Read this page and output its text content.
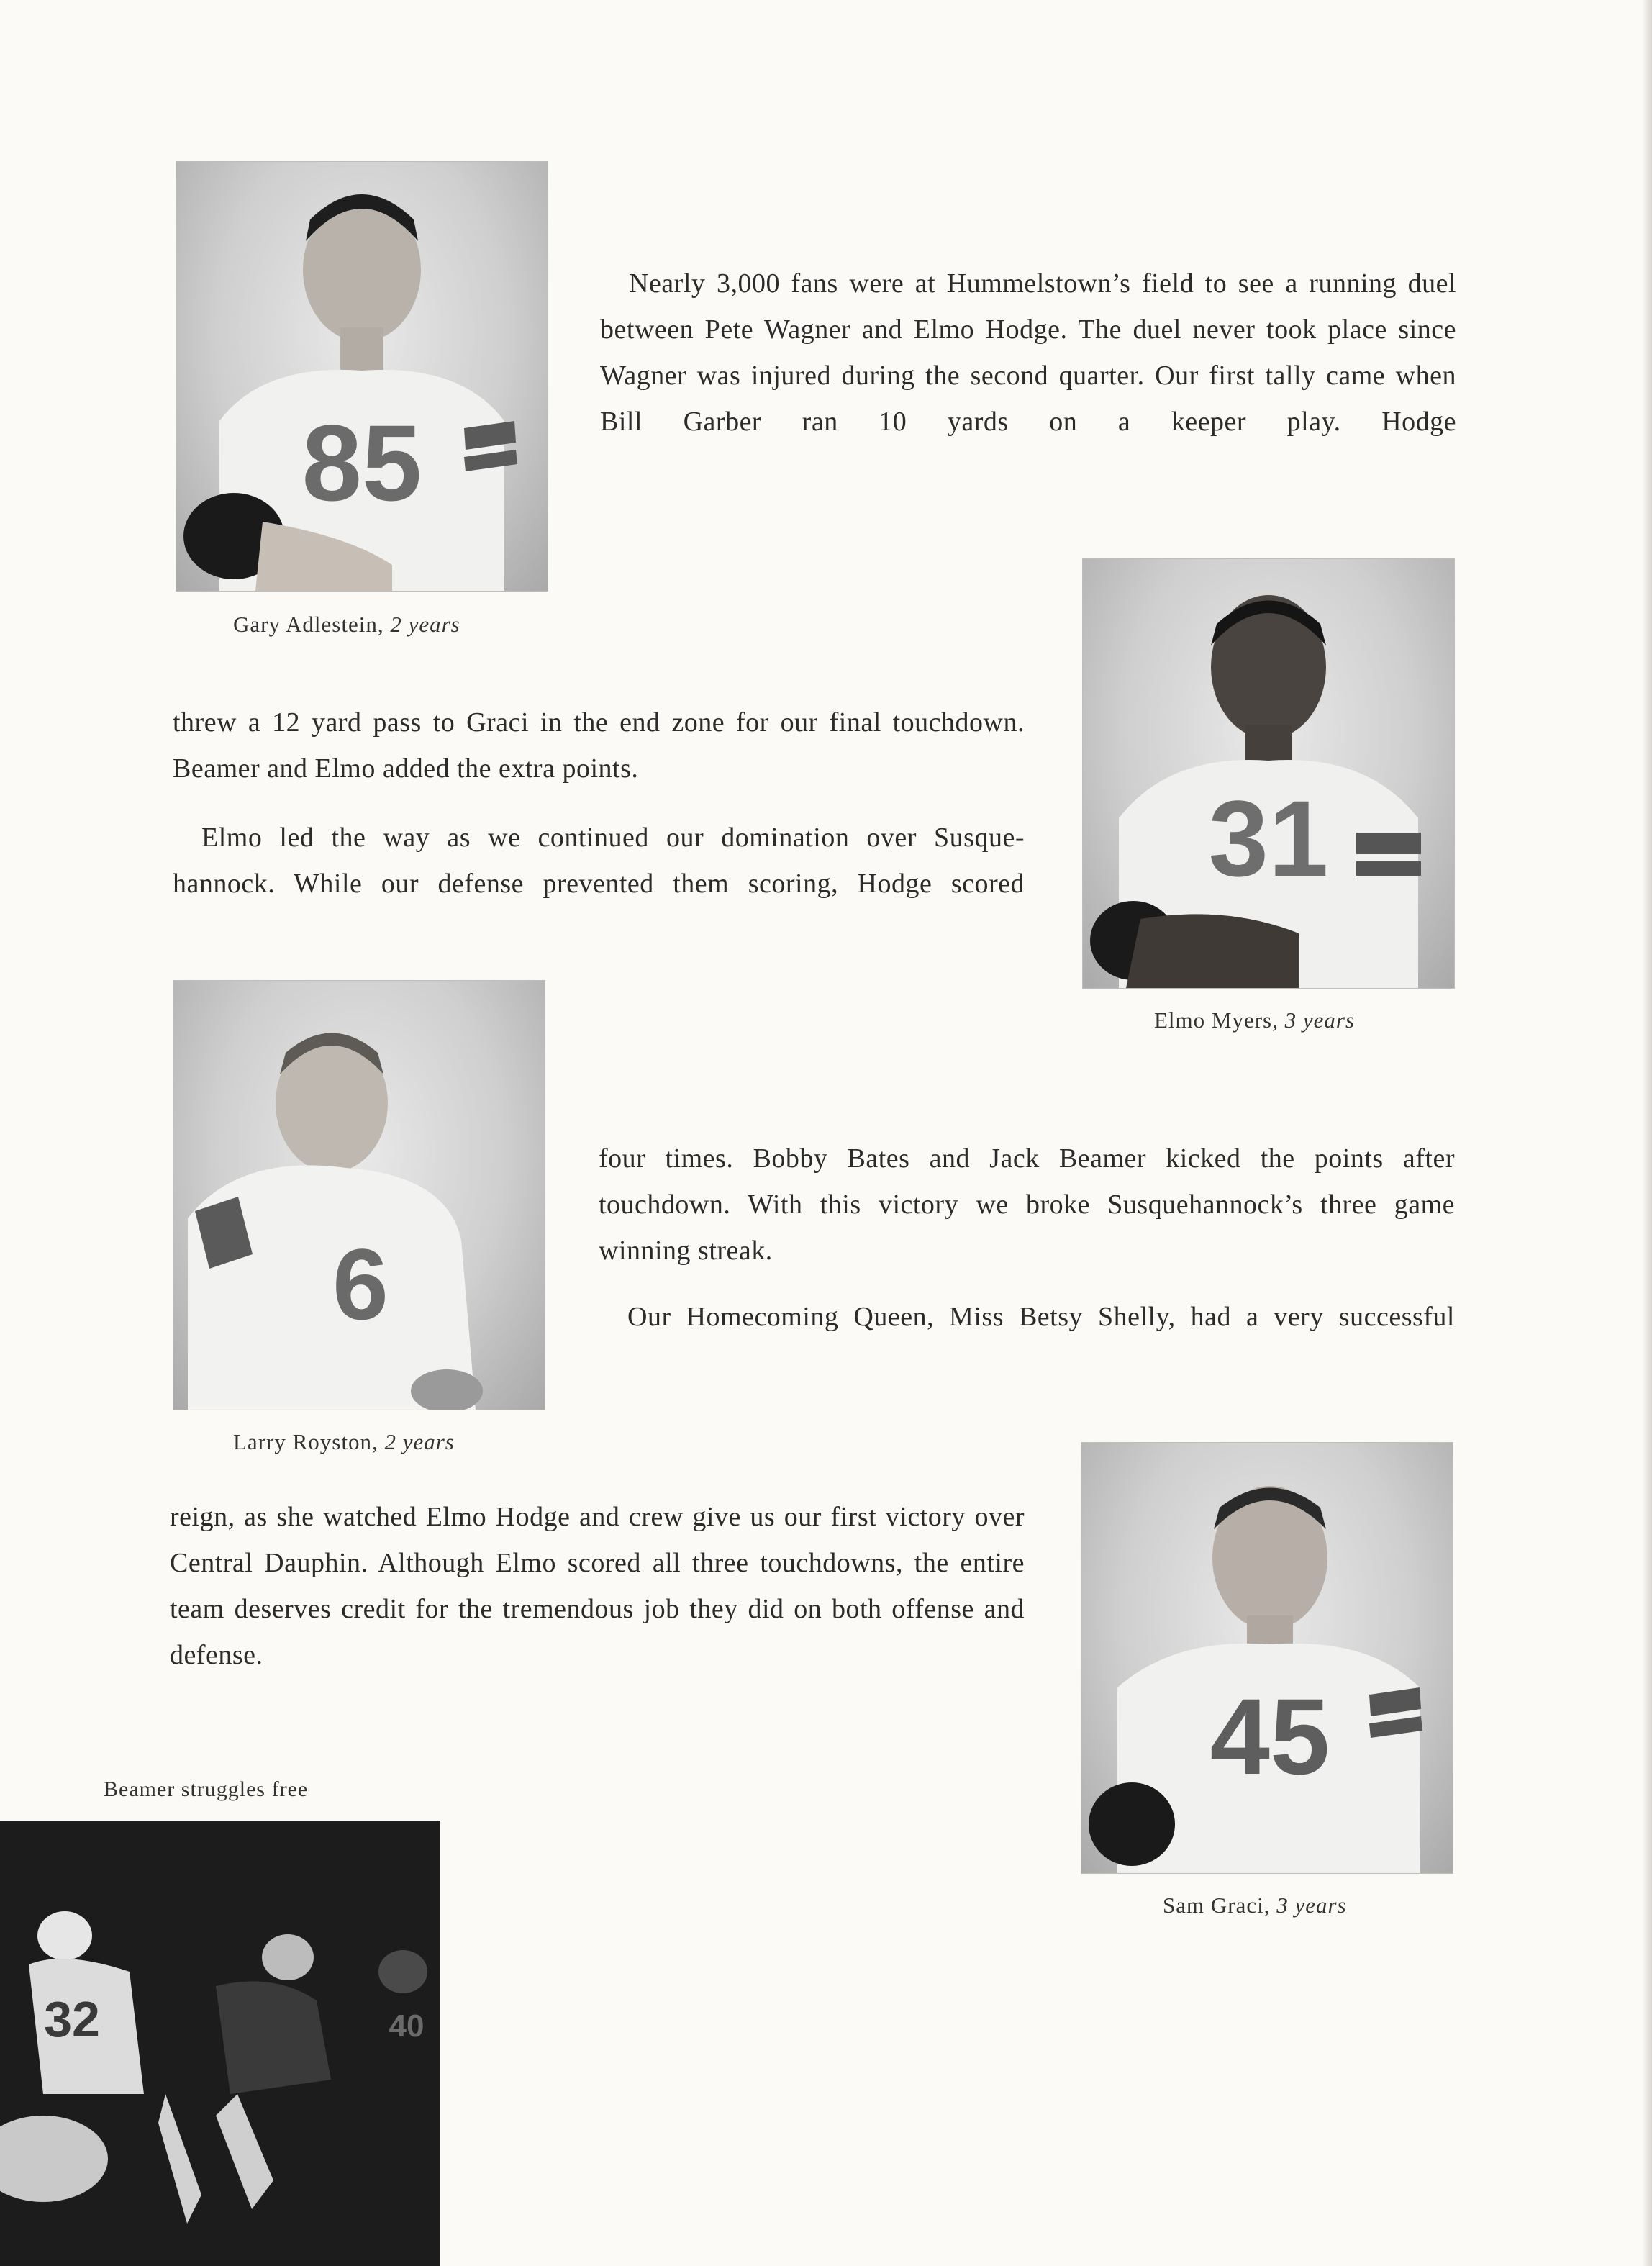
85
Gary Adlestein, 2 years
Nearly 3,000 fans were at Hummelstown’s field to see a running duel between Pete Wagner and Elmo Hodge. The duel never took place since Wagner was injured during the second quarter. Our first tally came when Bill Garber ran 10 yards on a keeper play. Hodge
31
Elmo Myers, 3 years
threw a 12 yard pass to Graci in the end zone for our final touchdown. Beamer and Elmo added the extra points.
Elmo led the way as we continued our domination over Susque-hannock. While our defense prevented them scoring, Hodge scored
6
Larry Royston, 2 years
four times. Bobby Bates and Jack Beamer kicked the points after touchdown. With this victory we broke Susquehannock’s three game winning streak.
Our Homecoming Queen, Miss Betsy Shelly, had a very successful
reign, as she watched Elmo Hodge and crew give us our first victory over Central Dauphin. Although Elmo scored all three touchdowns, the entire team deserves credit for the tremendous job they did on both offense and defense.
45
Sam Graci, 3 years
Beamer struggles free
32	40
